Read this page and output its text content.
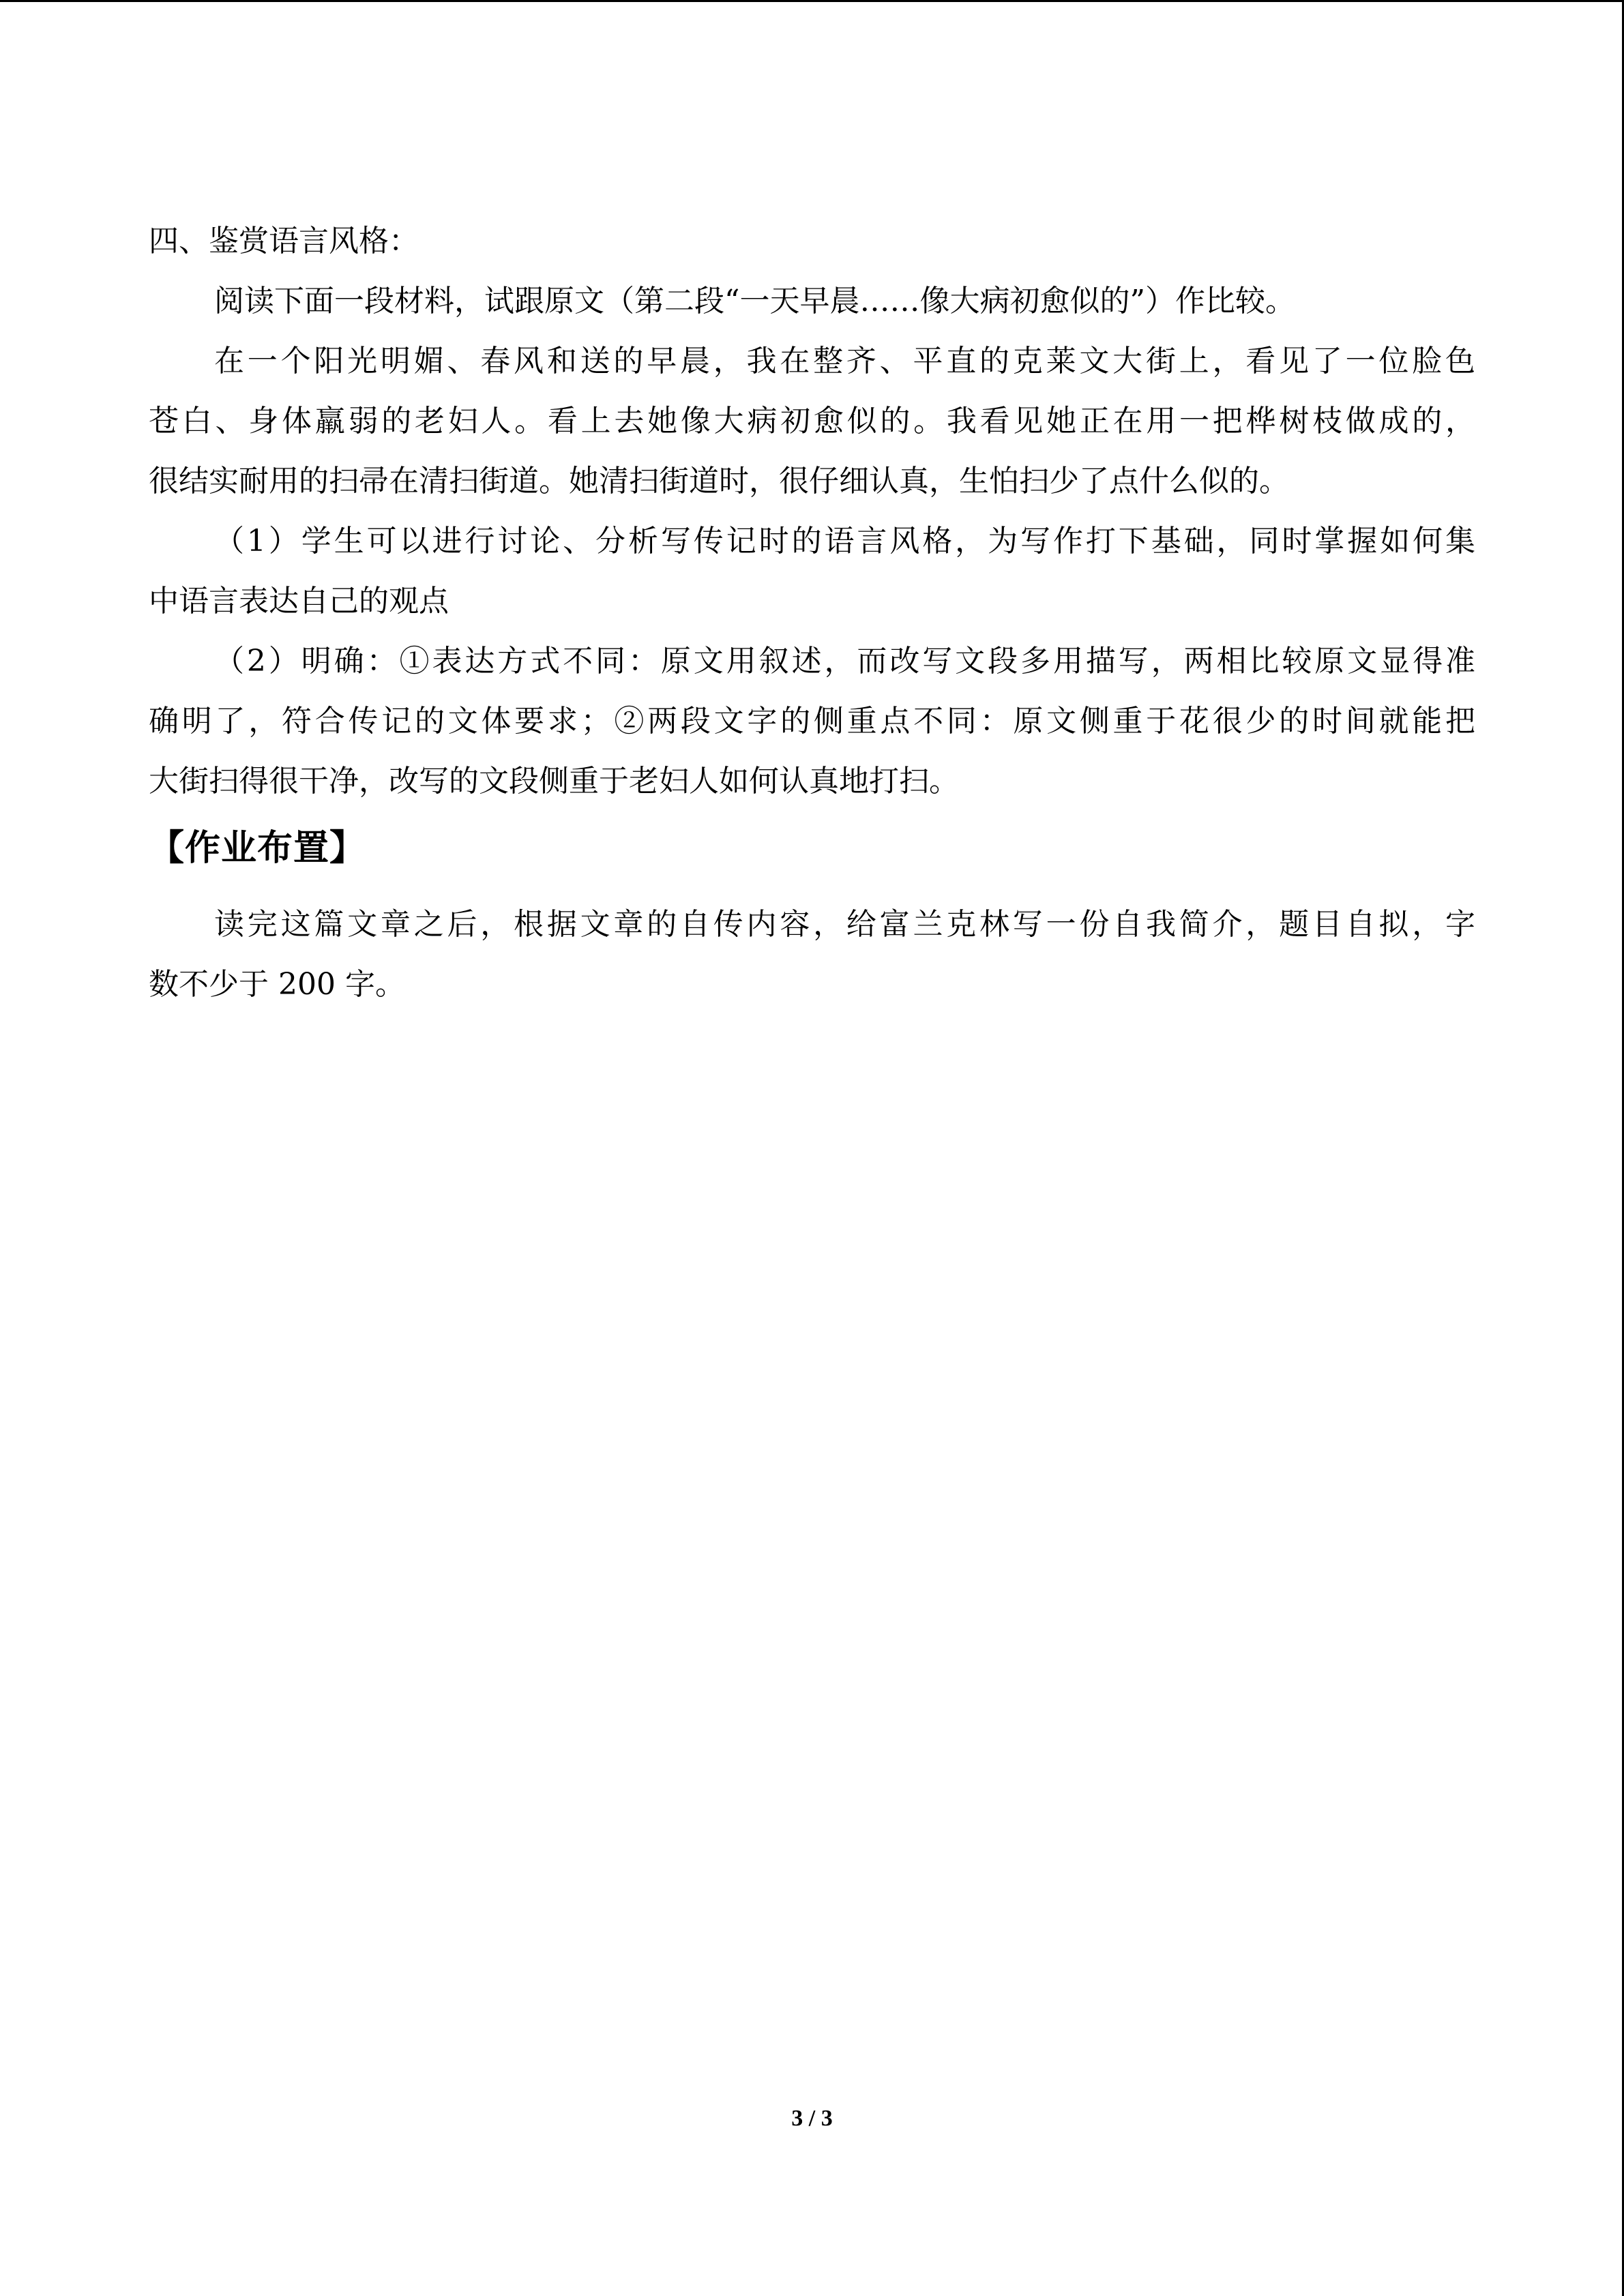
四、鉴赏语言风格：
阅读下面一段材料，试跟原文（第二段“一天早晨……像大病初愈似的”）作比较。
在一个阳光明媚、春风和送的早晨，我在整齐、平直的克莱文大街上，看见了一位脸色
苍白、身体羸弱的老妇人。看上去她像大病初愈似的。我看见她正在用一把桦树枝做成的，
很结实耐用的扫帚在清扫街道。她清扫街道时，很仔细认真，生怕扫少了点什么似的。
（1）学生可以进行讨论、分析写传记时的语言风格，为写作打下基础，同时掌握如何集
中语言表达自己的观点
（2）明确：①表达方式不同：原文用叙述，而改写文段多用描写，两相比较原文显得准
确明了，符合传记的文体要求；②两段文字的侧重点不同：原文侧重于花很少的时间就能把
大街扫得很干净，改写的文段侧重于老妇人如何认真地打扫。
【作业布置】
读完这篇文章之后，根据文章的自传内容，给富兰克林写一份自我简介，题目自拟，字
数不少于 200 字。
3 / 3
